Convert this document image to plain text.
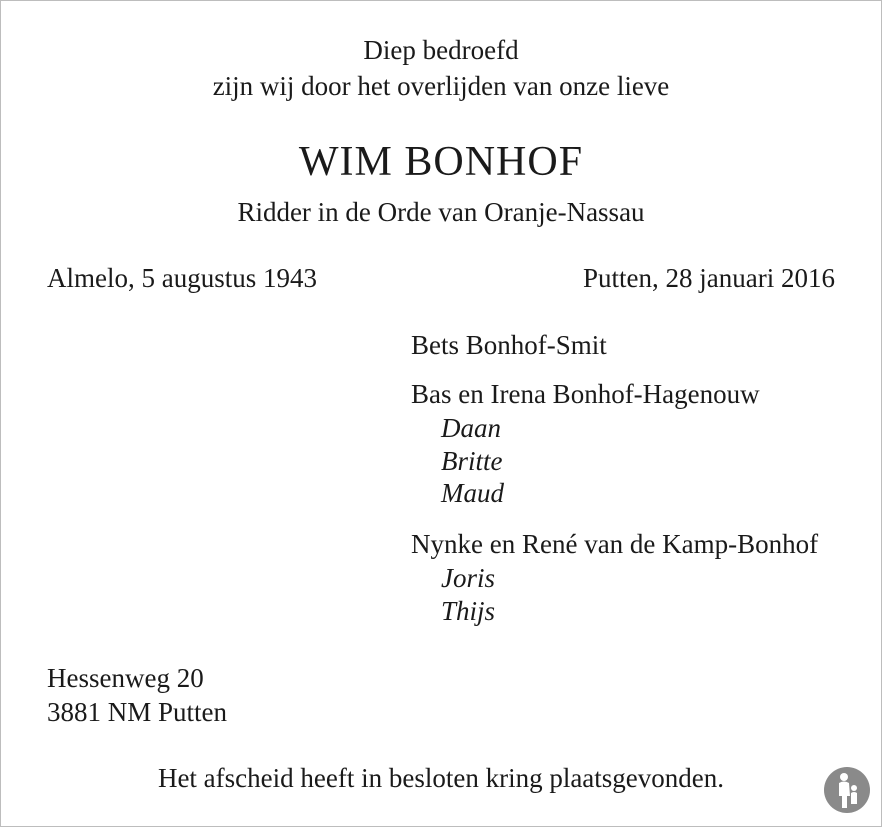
Diep bedroefd
zijn wij door het overlijden van onze lieve
WIM BONHOF
Ridder in de Orde van Oranje-Nassau
Almelo, 5 augustus 1943	Putten, 28 januari 2016
Bets Bonhof-Smit
Bas en Irena Bonhof-Hagenouw
Daan
Britte
Maud
Nynke en René van de Kamp-Bonhof
Joris
Thijs
Hessenweg 20
3881 NM Putten
Het afscheid heeft in besloten kring plaatsgevonden.
